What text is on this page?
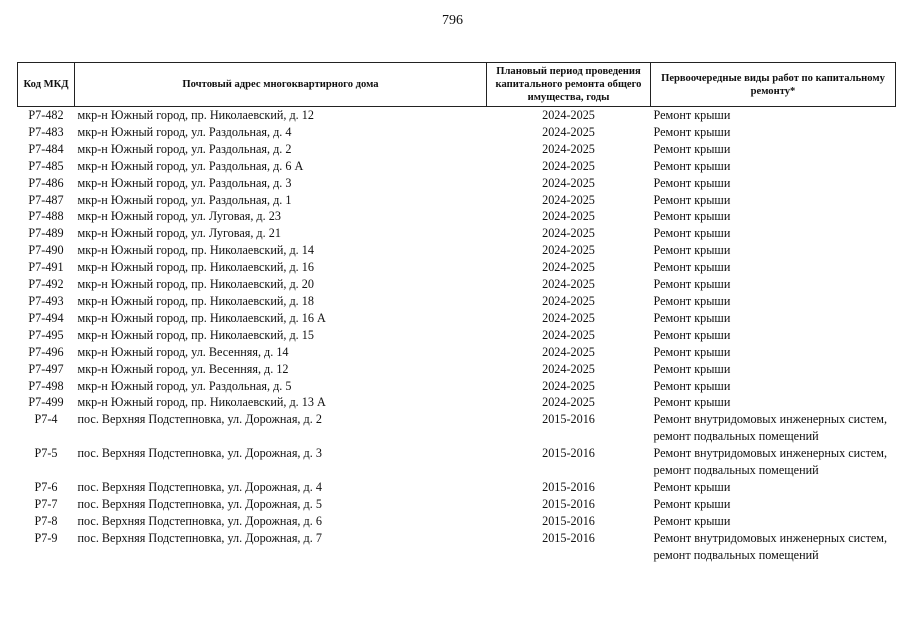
796
Код МКД	Почтовый адрес многоквартирного дома	Плановый период проведения капитального ремонта общего имущества, годы	Первоочередные виды работ по капитальному ремонту*
Р7-482	мкр-н Южный город, пр. Николаевский, д. 12	2024-2025	Ремонт крыши
Р7-483	мкр-н Южный город, ул. Раздольная, д. 4	2024-2025	Ремонт крыши
Р7-484	мкр-н Южный город, ул. Раздольная, д. 2	2024-2025	Ремонт крыши
Р7-485	мкр-н Южный город, ул. Раздольная, д. 6 А	2024-2025	Ремонт крыши
Р7-486	мкр-н Южный город, ул. Раздольная, д. 3	2024-2025	Ремонт крыши
Р7-487	мкр-н Южный город, ул. Раздольная, д. 1	2024-2025	Ремонт крыши
Р7-488	мкр-н Южный город, ул. Луговая, д. 23	2024-2025	Ремонт крыши
Р7-489	мкр-н Южный город, ул. Луговая, д. 21	2024-2025	Ремонт крыши
Р7-490	мкр-н Южный город, пр. Николаевский, д. 14	2024-2025	Ремонт крыши
Р7-491	мкр-н Южный город, пр. Николаевский, д. 16	2024-2025	Ремонт крыши
Р7-492	мкр-н Южный город, пр. Николаевский, д. 20	2024-2025	Ремонт крыши
Р7-493	мкр-н Южный город, пр. Николаевский, д. 18	2024-2025	Ремонт крыши
Р7-494	мкр-н Южный город, пр. Николаевский, д. 16 А	2024-2025	Ремонт крыши
Р7-495	мкр-н Южный город, пр. Николаевский, д. 15	2024-2025	Ремонт крыши
Р7-496	мкр-н Южный город, ул. Весенняя, д. 14	2024-2025	Ремонт крыши
Р7-497	мкр-н Южный город, ул. Весенняя, д. 12	2024-2025	Ремонт крыши
Р7-498	мкр-н Южный город, ул. Раздольная, д. 5	2024-2025	Ремонт крыши
Р7-499	мкр-н Южный город, пр. Николаевский, д. 13 А	2024-2025	Ремонт крыши
Р7-4	пос. Верхняя Подстепновка, ул. Дорожная, д. 2	2015-2016	Ремонт внутридомовых инженерных систем, ремонт подвальных помещений
Р7-5	пос. Верхняя Подстепновка, ул. Дорожная, д. 3	2015-2016	Ремонт внутридомовых инженерных систем, ремонт подвальных помещений
Р7-6	пос. Верхняя Подстепновка, ул. Дорожная, д. 4	2015-2016	Ремонт крыши
Р7-7	пос. Верхняя Подстепновка, ул. Дорожная, д. 5	2015-2016	Ремонт крыши
Р7-8	пос. Верхняя Подстепновка, ул. Дорожная, д. 6	2015-2016	Ремонт крыши
Р7-9	пос. Верхняя Подстепновка, ул. Дорожная, д. 7	2015-2016	Ремонт внутридомовых инженерных систем, ремонт подвальных помещений
